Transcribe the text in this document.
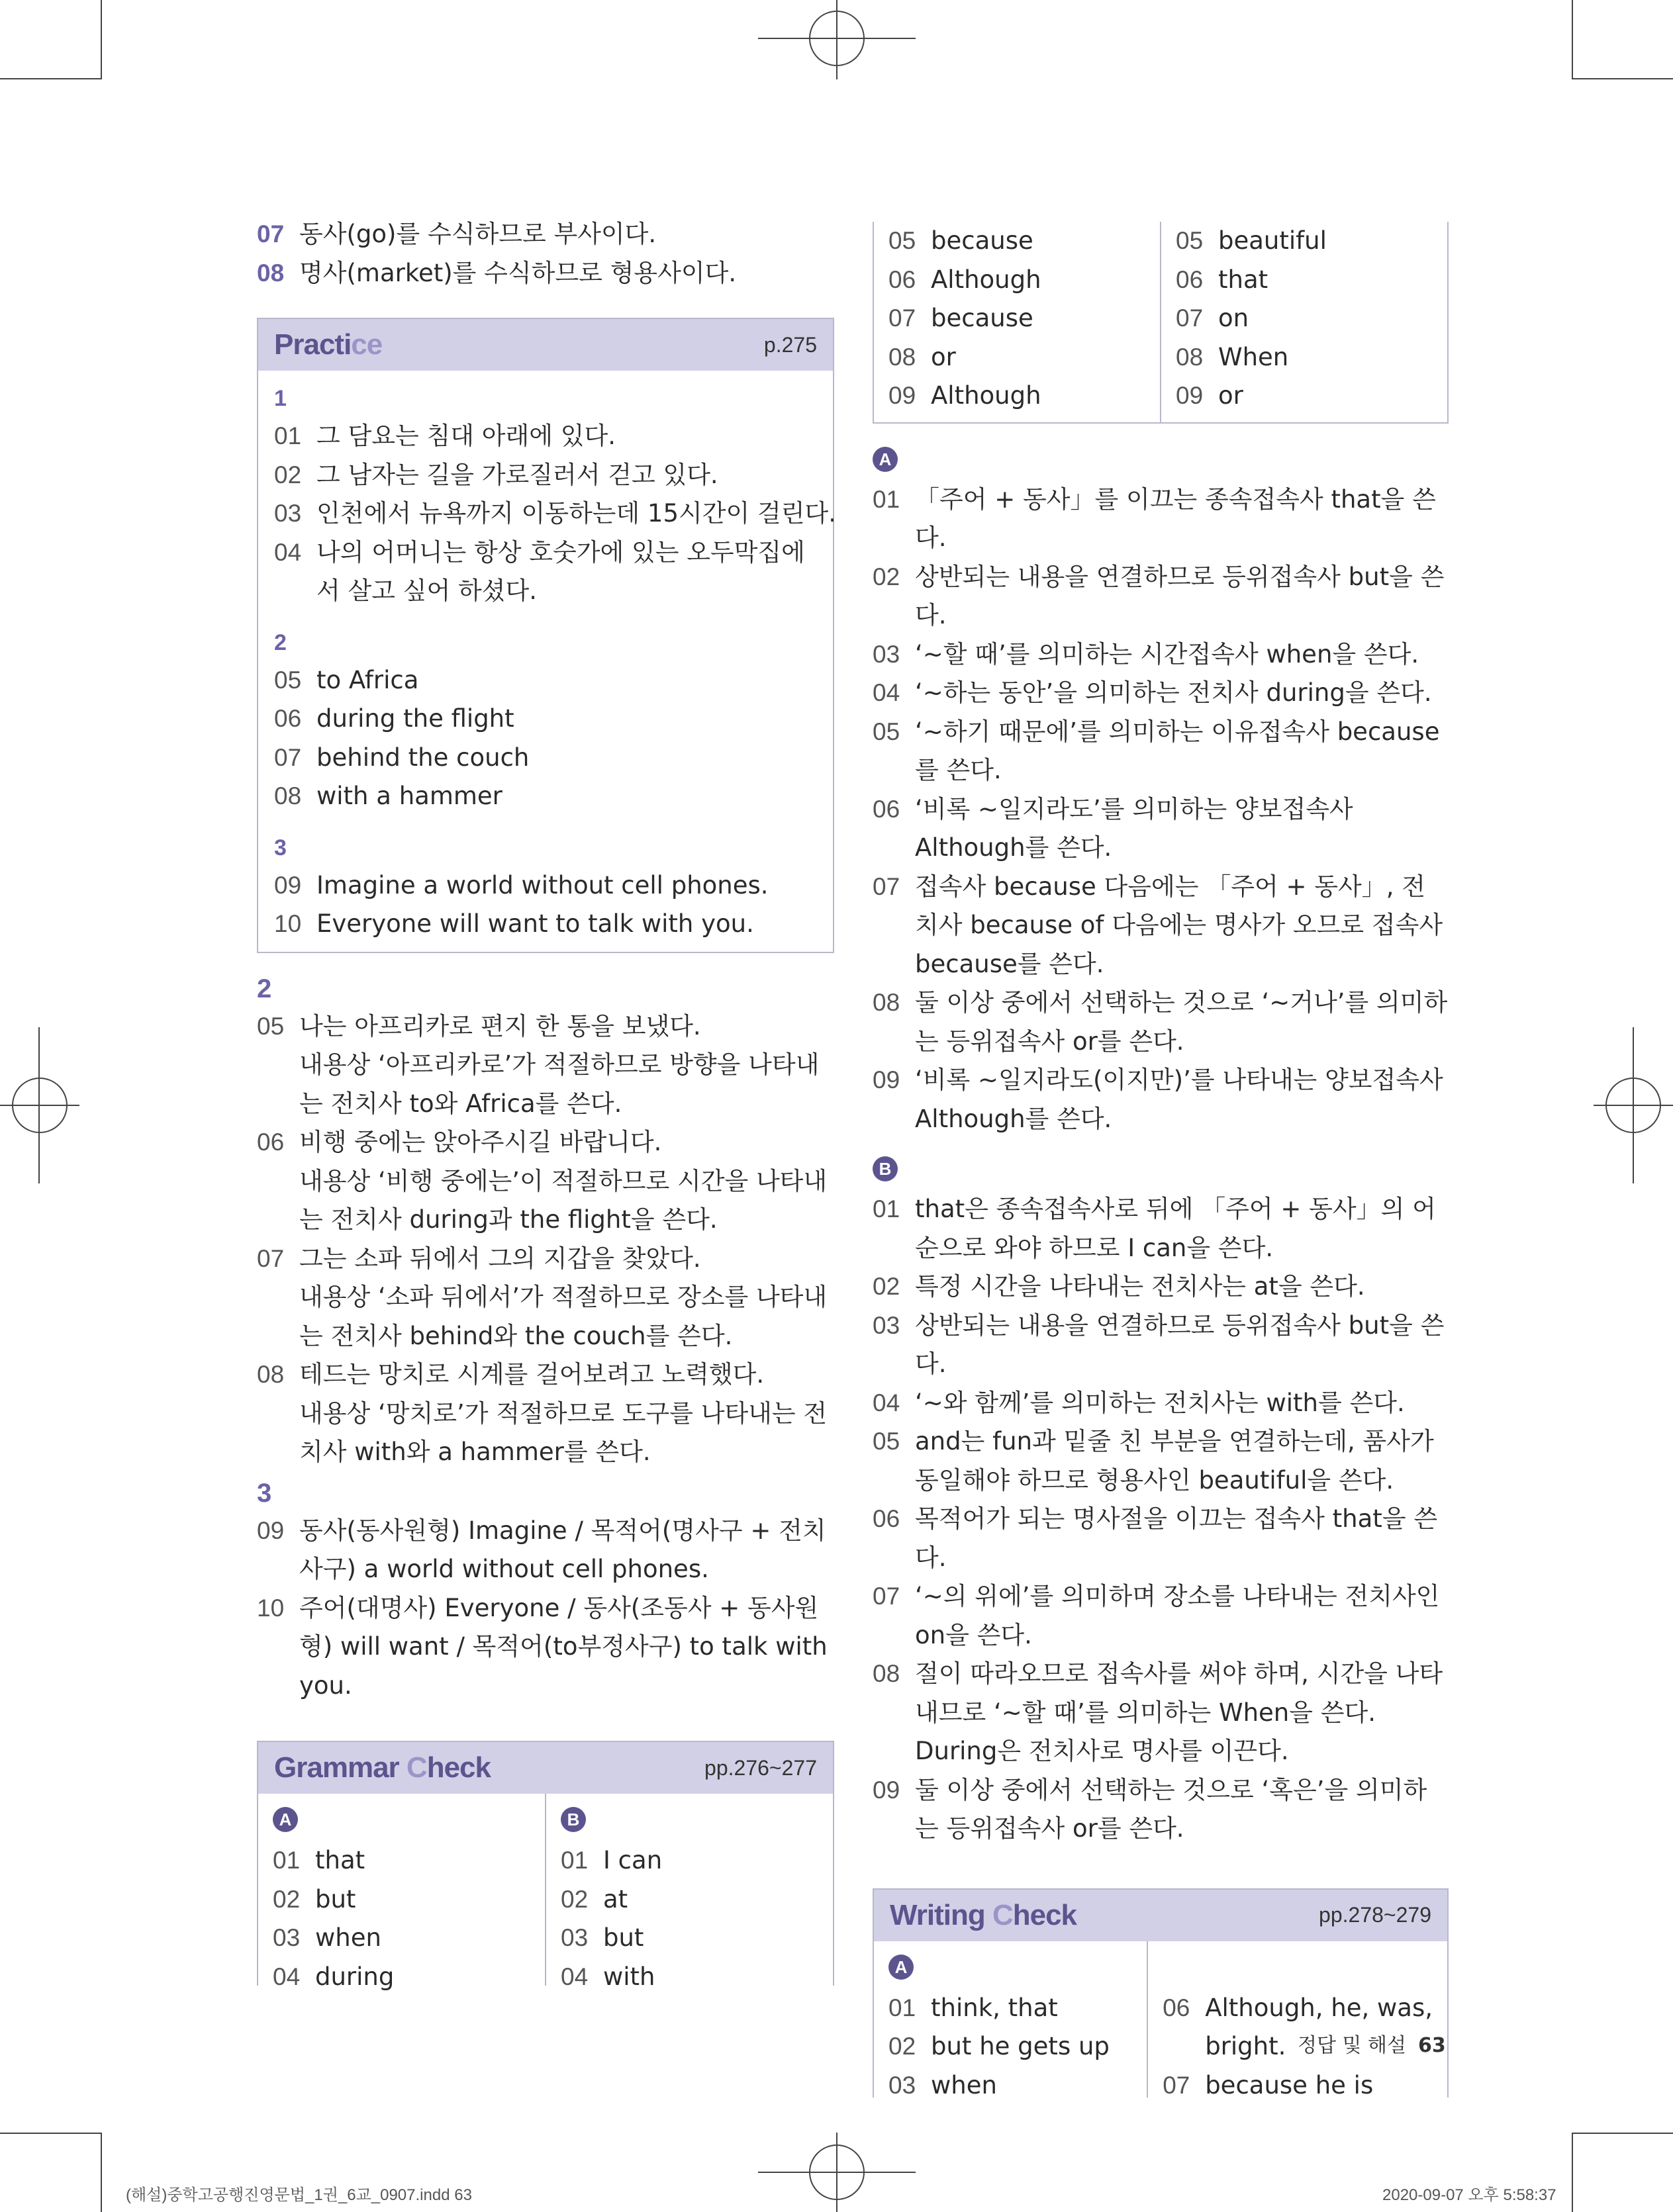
07 동사(go)를 수식하므로 부사이다.
08 명사(market)를 수식하므로 형용사이다.
Practice	p.275
1
01 그 담요는 침대 아래에 있다.
02 그 남자는 길을 가로질러서 걷고 있다.
03 인천에서 뉴욕까지 이동하는데 15시간이 걸린다.
04 나의 어머니는 항상 호숫가에 있는 오두막집에서 살고 싶어 하셨다.
2
05 to Africa
06 during the flight
07 behind the couch
08 with a hammer
3
09 Imagine a world without cell phones.
10 Everyone will want to talk with you.
2
05 나는 아프리카로 편지 한 통을 보냈다.
내용상 ‘아프리카로’가 적절하므로 방향을 나타내는 전치사 to와 Africa를 쓴다.
06 비행 중에는 앉아주시길 바랍니다.
내용상 ‘비행 중에는’이 적절하므로 시간을 나타내는 전치사 during과 the flight을 쓴다.
07 그는 소파 뒤에서 그의 지갑을 찾았다.
내용상 ‘소파 뒤에서’가 적절하므로 장소를 나타내는 전치사 behind와 the couch를 쓴다.
08 테드는 망치로 시계를 걸어보려고 노력했다.
내용상 ‘망치로’가 적절하므로 도구를 나타내는 전치사 with와 a hammer를 쓴다.
3
09 동사(동사원형) Imagine / 목적어(명사구 + 전치사구) a world without cell phones.
10 주어(대명사) Everyone / 동사(조동사 + 동사원형) will want / 목적어(to부정사구) to talk with you.
Grammar Check	pp.276~277
A
01 that
02 but
03 when
04 during
B
01 I can
02 at
03 but
04 with
05 because
06 Although
07 because
08 or
09 Although
05 beautiful
06 that
07 on
08 When
09 or
A
01 「주어 + 동사」를 이끄는 종속접속사 that을 쓴다.
02 상반되는 내용을 연결하므로 등위접속사 but을 쓴다.
03 ‘~할 때’를 의미하는 시간접속사 when을 쓴다.
04 ‘~하는 동안’을 의미하는 전치사 during을 쓴다.
05 ‘~하기 때문에’를 의미하는 이유접속사 because를 쓴다.
06 ‘비록 ~일지라도’를 의미하는 양보접속사 Although를 쓴다.
07 접속사 because 다음에는 「주어 + 동사」, 전치사 because of 다음에는 명사가 오므로 접속사 because를 쓴다.
08 둘 이상 중에서 선택하는 것으로 ‘~거나’를 의미하는 등위접속사 or를 쓴다.
09 ‘비록 ~일지라도(이지만)’를 나타내는 양보접속사 Although를 쓴다.
B
01 that은 종속접속사로 뒤에 「주어 + 동사」의 어순으로 와야 하므로 I can을 쓴다.
02 특정 시간을 나타내는 전치사는 at을 쓴다.
03 상반되는 내용을 연결하므로 등위접속사 but을 쓴다.
04 ‘~와 함께’를 의미하는 전치사는 with를 쓴다.
05 and는 fun과 밑줄 친 부분을 연결하는데, 품사가 동일해야 하므로 형용사인 beautiful을 쓴다.
06 목적어가 되는 명사절을 이끄는 접속사 that을 쓴다.
07 ‘~의 위에’를 의미하며 장소를 나타내는 전치사인 on을 쓴다.
08 절이 따라오므로 접속사를 써야 하며, 시간을 나타내므로 ‘~할 때’를 의미하는 When을 쓴다. During은 전치사로 명사를 이끈다.
09 둘 이상 중에서 선택하는 것으로 ‘혹은’을 의미하는 등위접속사 or를 쓴다.
Writing Check	pp.278~279
A
01 think, that
02 but he gets up
03 when
06 Although, he, was,
bright.
07 because he is
정답 및 해설 63
(해설)중학고공행진영문법_1권_6교_0907.indd 63	2020-09-07 오후 5:58:37
